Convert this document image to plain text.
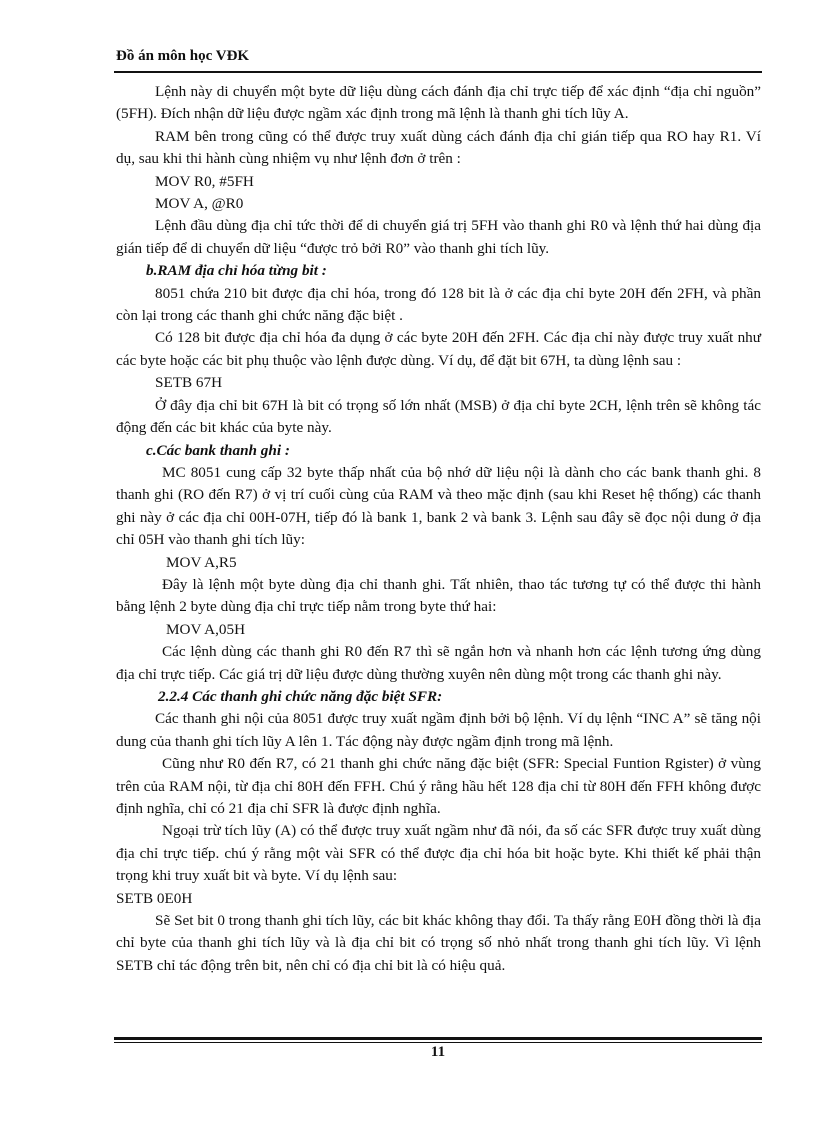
Đồ án môn học VĐK

Lệnh này di chuyển một byte dữ liệu dùng cách đánh địa chỉ trực tiếp để xác định “địa chỉ nguồn” (5FH). Đích nhận dữ liệu được ngầm xác định trong mã lệnh là thanh ghi tích lũy A.

RAM bên trong cũng có thể được truy xuất dùng cách đánh địa chỉ gián tiếp qua RO hay R1. Ví dụ, sau khi thi hành cùng nhiệm vụ như lệnh đơn ở trên :

MOV R0, #5FH

MOV A, @R0

Lệnh đầu dùng địa chỉ tức thời để di chuyển giá trị 5FH vào thanh ghi R0 và lệnh thứ hai dùng địa gián tiếp để di chuyển dữ liệu “được trỏ bởi R0” vào thanh ghi tích lũy.

b.RAM địa chỉ hóa từng bit :

8051 chứa 210 bit được địa chỉ hóa, trong đó 128 bit là ở các địa chỉ byte 20H đến 2FH, và phần còn lại trong các thanh ghi chức năng đặc biệt .

Có 128 bit được địa chỉ hóa đa dụng ở các byte 20H đến 2FH. Các địa chỉ này được truy xuất như các byte hoặc các bit phụ thuộc vào lệnh được dùng. Ví dụ, để đặt bit 67H, ta dùng lệnh sau :

SETB 67H

Ở đây địa chỉ bit 67H là bit có trọng số lớn nhất (MSB) ở địa chỉ byte 2CH, lệnh trên sẽ không tác động đến các bit khác của byte này.

c.Các bank thanh ghi :

MC 8051 cung cấp 32 byte thấp nhất của bộ nhớ dữ liệu nội là dành cho các bank thanh ghi. 8 thanh ghi (RO đến R7) ở vị trí cuối cùng của RAM và theo mặc định (sau khi Reset hệ thống) các thanh ghi này ở các địa chỉ 00H-07H, tiếp đó là bank 1, bank 2 và bank 3. Lệnh sau đây sẽ đọc nội dung ở địa chỉ 05H vào thanh ghi tích lũy:

MOV A,R5

Đây là lệnh một byte dùng địa chỉ thanh ghi. Tất nhiên, thao tác tương tự có thể được thi hành bằng lệnh 2 byte dùng địa chỉ trực tiếp nằm trong byte thứ hai:

MOV A,05H

Các lệnh dùng các thanh ghi R0 đến R7 thì sẽ ngắn hơn và nhanh hơn các lệnh tương ứng dùng địa chỉ trực tiếp. Các giá trị dữ liệu được dùng thường xuyên nên dùng một trong các thanh ghi này.

2.2.4 Các thanh ghi chức năng đặc biệt SFR:

Các thanh ghi nội của 8051 được truy xuất ngầm định bởi bộ lệnh. Ví dụ lệnh “INC A” sẽ tăng nội dung của thanh ghi tích lũy A lên 1. Tác động này được ngầm định trong mã lệnh.

Cũng như R0 đến R7, có 21 thanh ghi chức năng đặc biệt (SFR: Special Funtion Rgister) ở vùng trên của RAM nội, từ địa chỉ 80H đến FFH. Chú ý rằng hầu hết 128 địa chỉ từ 80H đến FFH không được định nghĩa, chỉ có 21 địa chỉ SFR là được định nghĩa.

Ngoại trừ tích lũy (A) có thể được truy xuất ngầm như đã nói, đa số các SFR được truy xuất dùng địa chỉ trực tiếp. chú ý rằng một vài SFR có thể được địa chỉ hóa bit hoặc byte. Khi thiết kế phải thận trọng khi truy xuất bit và byte. Ví dụ lệnh sau:

SETB 0E0H

Sẽ Set bit 0 trong thanh ghi tích lũy, các bit khác không thay đổi. Ta thấy rằng E0H đồng thời là địa chỉ byte của thanh ghi tích lũy và là địa chỉ bit có trọng số nhỏ nhất trong thanh ghi tích lũy. Vì lệnh SETB chỉ tác động trên bit, nên chỉ có địa chỉ bit là có hiệu quả.

11
